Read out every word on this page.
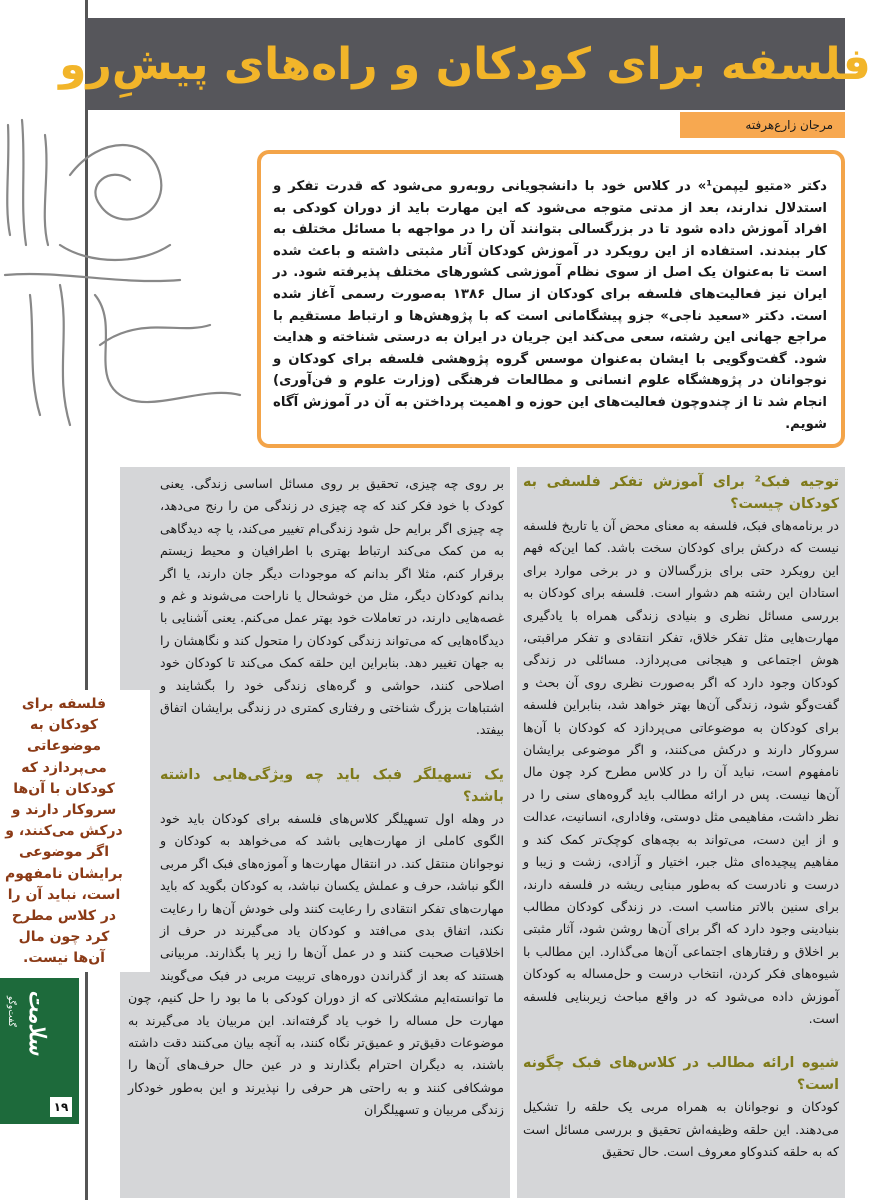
فلسفه برای کودکان و راه‌های پیشِ‌رو
مرجان زارع‌هرفته

دکتر «متیو لیپمن¹» در کلاس خود با دانشجویانی روبه‌رو می‌شود که قدرت تفکر و استدلال ندارند، بعد از مدتی متوجه می‌شود که این مهارت باید از دوران کودکی به افراد آموزش داده شود تا در بزرگسالی بتوانند آن را در مواجهه با مسائل مختلف به کار ببندند. استفاده از این رویکرد در آموزش کودکان آثار مثبتی داشته و باعث شده است تا به‌عنوان یک اصل از سوی نظام آموزشی کشورهای مختلف پذیرفته شود. در ایران نیز فعالیت‌های فلسفه برای کودکان از سال ۱۳۸۶ به‌صورت رسمی آغاز شده است. دکتر «سعید ناجی» جزو پیشگامانی است که با پژوهش‌ها و ارتباط مستقیم با مراجع جهانی این رشته، سعی می‌کند این جریان در ایران به درستی شناخته و هدایت شود. گفت‌وگویی با ایشان به‌عنوان موسس گروه پژوهشی فلسفه برای کودکان و نوجوانان در پژوهشگاه علوم انسانی و مطالعات فرهنگی (وزارت علوم و فن‌آوری) انجام شد تا از چندوچون فعالیت‌های این حوزه و اهمیت پرداختن به آن در آموزش آگاه شویم.

توجیه فبک² برای آموزش تفکر فلسفی به کودکان چیست؟

در برنامه‌های فبک، فلسفه به معنای محض آن یا تاریخ فلسفه نیست که درکش برای کودکان سخت باشد. کما این‌که فهم این رویکرد حتی برای بزرگسالان و در برخی موارد برای استادان این رشته هم دشوار است. فلسفه برای کودکان به بررسی مسائل نظری و بنیادی زندگی همراه با یادگیری مهارت‌هایی مثل تفکر خلاق، تفکر انتقادی و تفکر مراقبتی، هوش اجتماعی و هیجانی می‌پردازد. مسائلی در زندگی کودکان وجود دارد که اگر به‌صورت نظری روی آن بحث و گفت‌وگو شود، زندگی آن‌ها بهتر خواهد شد، بنابراین فلسفه برای کودکان به موضوعاتی می‌پردازد که کودکان با آن‌ها سروکار دارند و درکش می‌کنند، و اگر موضوعی برایشان نامفهوم است، نباید آن را در کلاس مطرح کرد چون مال آن‌ها نیست. پس در ارائه مطالب باید گروه‌های سنی را در نظر داشت، مفاهیمی مثل دوستی، وفاداری، انسانیت، عدالت و از این دست، می‌تواند به بچه‌های کوچک‌تر کمک کند و مفاهیم پیچیده‌ای مثل جبر، اختیار و آزادی، زشت و زیبا و درست و نادرست که به‌طور مبنایی ریشه در فلسفه دارند، برای سنین بالاتر مناسب است. در زندگی کودکان مطالب بنیادینی وجود دارد که اگر برای آن‌ها روشن شود، آثار مثبتی بر اخلاق و رفتارهای اجتماعی آن‌ها می‌گذارد. این مطالب با شیوه‌های فکر کردن، انتخاب درست و حل‌مساله به کودکان آموزش داده می‌شود که در واقع مباحث زیربنایی فلسفه است.

شیوه ارائه مطالب در کلاس‌های فبک چگونه است؟

کودکان و نوجوانان به همراه مربی یک حلقه را تشکیل می‌دهند. این حلقه وظیفه‌اش تحقیق و بررسی مسائل است که به حلقه کندوکاو معروف است. حال تحقیق

بر روی چه چیزی، تحقیق بر روی مسائل اساسی زندگی. یعنی کودک با خود فکر کند که چه چیزی در زندگی من را رنج می‌دهد، چه چیزی اگر برایم حل شود زندگی‌ام تغییر می‌کند، یا چه دیدگاهی به من کمک می‌کند ارتباط بهتری با اطرافیان و محیط زیستم برقرار کنم، مثلا اگر بدانم که موجودات دیگر جان دارند، یا اگر بدانم کودکان دیگر، مثل من خوشحال یا ناراحت می‌شوند و غم و غصه‌هایی دارند، در تعاملات خود بهتر عمل می‌کنم. یعنی آشنایی با دیدگاه‌هایی که می‌تواند زندگی کودکان را متحول کند و نگاهشان را به جهان تغییر دهد. بنابراین این حلقه کمک می‌کند تا کودکان خود اصلاحی کنند، حواشی و گره‌های زندگی خود را بگشایند و اشتباهات بزرگ شناختی و رفتاری کمتری در زندگی برایشان اتفاق بیفتد.

یک تسهیلگر فبک باید چه ویژگی‌هایی داشته باشد؟

در وهله اول تسهیلگر کلاس‌های فلسفه برای کودکان باید خود الگوی کاملی از مهارت‌هایی باشد که می‌خواهد به کودکان و نوجوانان منتقل کند. در انتقال مهارت‌ها و آموزه‌های فبک اگر مربی الگو نباشد، حرف و عملش یکسان نباشد، به کودکان بگوید که باید مهارت‌های تفکر انتقادی را رعایت کنند ولی خودش آن‌ها را رعایت نکند، اتفاق بدی می‌افتد و کودکان یاد می‌گیرند در حرف از اخلاقیات صحبت کنند و در عمل آن‌ها را زیر پا بگذارند. مربیانی هستند که بعد از گذراندن دوره‌های تربیت مربی در فبک می‌گویند ما توانسته‌ایم مشکلاتی که از دوران کودکی با ما بود را حل کنیم، چون مهارت حل مساله را خوب یاد گرفته‌اند. این مربیان یاد می‌گیرند به موضوعات دقیق‌تر و عمیق‌تر نگاه کنند، به آنچه بیان می‌کنند دقت داشته باشند، به دیگران احترام بگذارند و در عین حال حرف‌های آن‌ها را موشکافی کنند و به راحتی هر حرفی را نپذیرند و این به‌طور خودکار زندگی مربیان و تسهیلگران

فلسفه برای کودکان به موضوعاتی می‌پردازد که کودکان با آن‌ها سروکار دارند و درکش می‌کنند، و اگر موضوعی برایشان نامفهوم است، نباید آن را در کلاس مطرح کرد چون مال آن‌ها نیست.
سلامت
گفت‌وگو
۱۹
